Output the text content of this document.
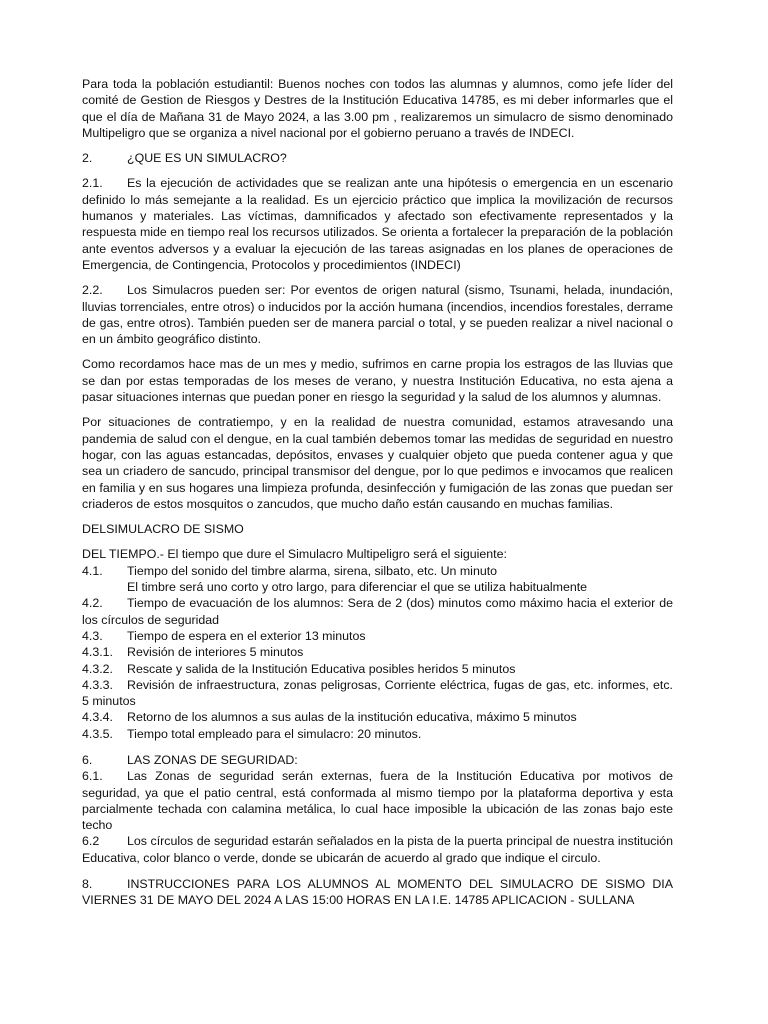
Para toda la población estudiantil: Buenos noches con todos las alumnas y alumnos, como jefe líder del comité de Gestion de Riesgos y Destres de la Institución Educativa 14785, es mi deber informarles que el que el día de Mañana 31 de Mayo 2024, a las 3.00 pm , realizaremos un simulacro de sismo denominado Multipeligro que se organiza a nivel nacional por el gobierno peruano a través de INDECI.

2.	¿QUE ES UN SIMULACRO?

2.1. Es la ejecución de actividades que se realizan ante una hipótesis o emergencia en un escenario definido lo más semejante a la realidad. Es un ejercicio práctico que implica la movilización de recursos humanos y materiales. Las víctimas, damnificados y afectado son efectivamente representados y la respuesta mide en tiempo real los recursos utilizados. Se orienta a fortalecer la preparación de la población ante eventos adversos y a evaluar la ejecución de las tareas asignadas en los planes de operaciones de Emergencia, de Contingencia, Protocolos y procedimientos (INDECI)

2.2. Los Simulacros pueden ser: Por eventos de origen natural (sismo, Tsunami, helada, inundación, lluvias torrenciales, entre otros) o inducidos por la acción humana (incendios, incendios forestales, derrame de gas, entre otros). También pueden ser de manera parcial o total, y se pueden realizar a nivel nacional o en un ámbito geográfico distinto.

Como recordamos hace mas de un mes y medio, sufrimos en carne propia los estragos de las lluvias que se dan por estas temporadas de los meses de verano, y nuestra Institución Educativa, no esta ajena a pasar situaciones internas que puedan poner en riesgo la seguridad y la salud de los alumnos y alumnas.

Por situaciones de contratiempo, y en la realidad de nuestra comunidad, estamos atravesando una pandemia de salud con el dengue, en la cual también debemos tomar las medidas de seguridad en nuestro hogar, con las aguas estancadas, depósitos, envases y cualquier objeto que pueda contener agua y que sea un criadero de sancudo, principal transmisor del dengue, por lo que pedimos e invocamos que realicen en familia y en sus hogares una limpieza profunda, desinfección y fumigación de las zonas que puedan ser criaderos de estos mosquitos o zancudos, que mucho daño están causando en muchas familias.

DELSIMULACRO DE SISMO

DEL TIEMPO.- El tiempo que dure el Simulacro Multipeligro será el siguiente:

4.1. Tiempo del sonido del timbre alarma, sirena, silbato, etc. Un minuto

El timbre será uno corto y otro largo, para diferenciar el que se utiliza habitualmente

4.2. Tiempo de evacuación de los alumnos: Sera de 2 (dos) minutos como máximo hacia el exterior de los círculos de seguridad

4.3. Tiempo de espera en el exterior 13 minutos

4.3.1. Revisión de interiores 5 minutos

4.3.2. Rescate y salida de la Institución Educativa posibles heridos 5 minutos

4.3.3. Revisión de infraestructura, zonas peligrosas, Corriente eléctrica, fugas de gas, etc. informes, etc. 5 minutos

4.3.4. Retorno de los alumnos a sus aulas de la institución educativa, máximo 5 minutos

4.3.5. Tiempo total empleado para el simulacro: 20 minutos.

6.	LAS ZONAS DE SEGURIDAD:

6.1. Las Zonas de seguridad serán externas, fuera de la Institución Educativa por motivos de seguridad, ya que el patio central, está conformada al mismo tiempo por la plataforma deportiva y esta parcialmente techada con calamina metálica, lo cual hace imposible la ubicación de las zonas bajo este techo

6.2 Los círculos de seguridad estarán señalados en la pista de la puerta principal de nuestra institución Educativa, color blanco o verde, donde se ubicarán de acuerdo al grado que indique el circulo.

8.	INSTRUCCIONES PARA LOS ALUMNOS AL MOMENTO DEL SIMULACRO DE SISMO DIA VIERNES 31 DE MAYO DEL 2024 A LAS 15:00 HORAS EN LA I.E. 14785 APLICACION - SULLANA
